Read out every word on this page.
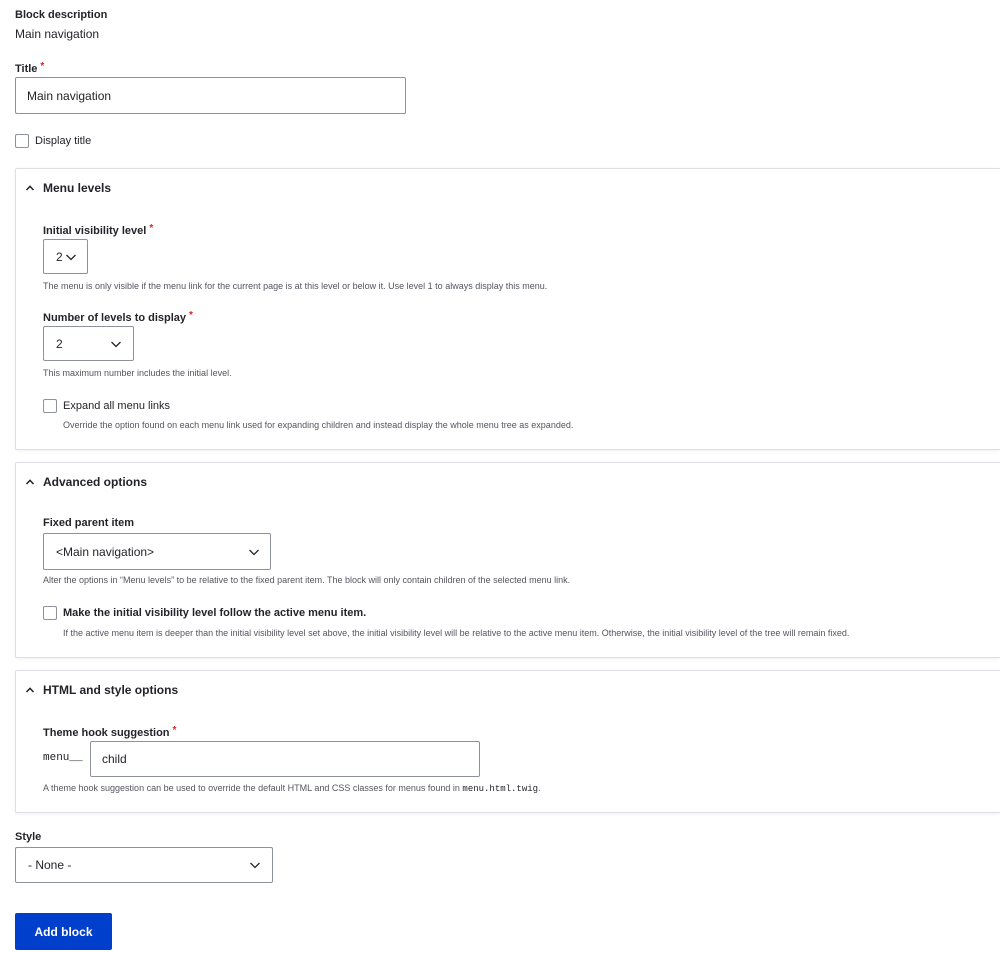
Block description
Main navigation
Title *
Main navigation
Display title
Menu levels
Initial visibility level *
2
The menu is only visible if the menu link for the current page is at this level or below it. Use level 1 to always display this menu.
Number of levels to display *
2
This maximum number includes the initial level.
Expand all menu links
Override the option found on each menu link used for expanding children and instead display the whole menu tree as expanded.
Advanced options
Fixed parent item
<Main navigation>
Alter the options in “Menu levels” to be relative to the fixed parent item. The block will only contain children of the selected menu link.
Make the initial visibility level follow the active menu item.
If the active menu item is deeper than the initial visibility level set above, the initial visibility level will be relative to the active menu item. Otherwise, the initial visibility level of the tree will remain fixed.
HTML and style options
Theme hook suggestion *
menu__
child
A theme hook suggestion can be used to override the default HTML and CSS classes for menus found in menu.html.twig.
Style
- None -
Add block
